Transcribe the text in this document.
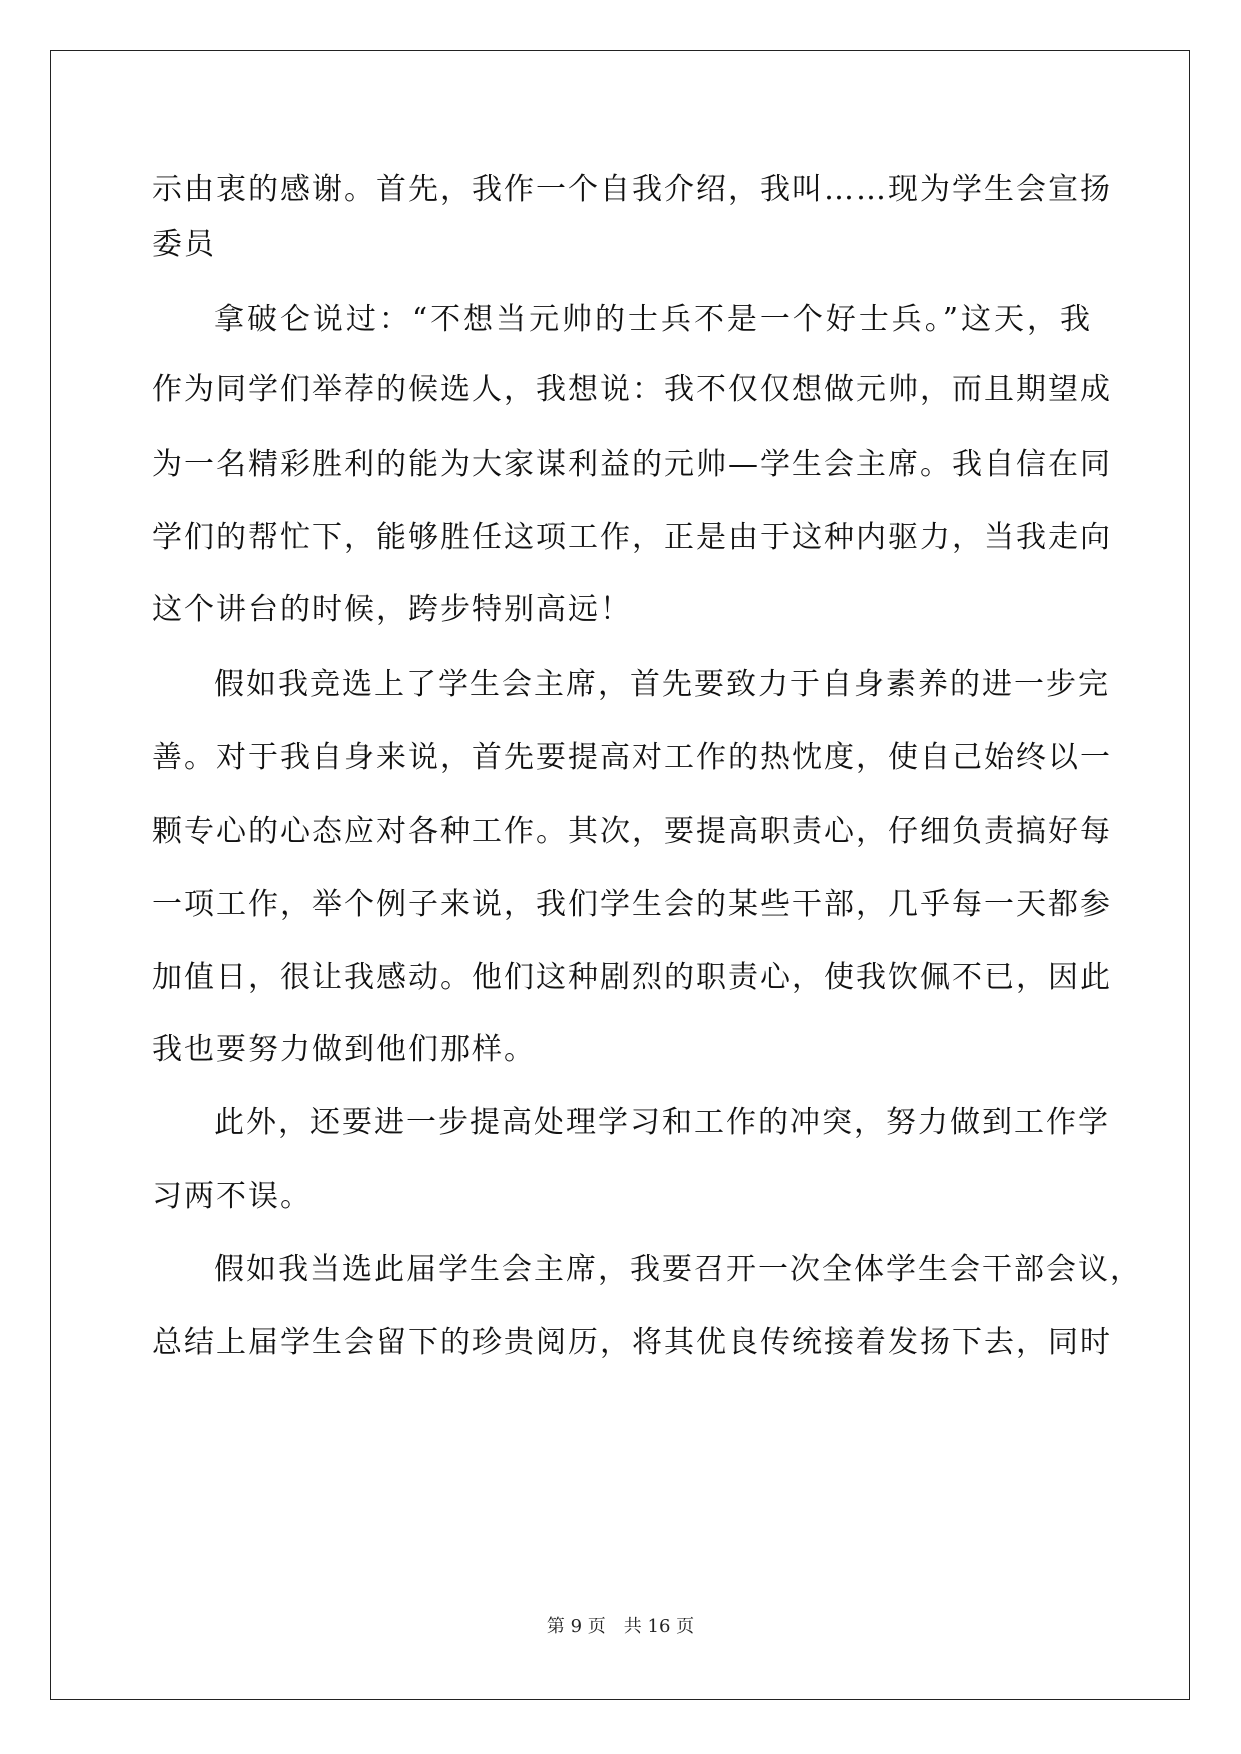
示由衷的感谢。首先，我作一个自我介绍，我叫……现为学生会宣扬
委员
拿破仑说过：“不想当元帅的士兵不是一个好士兵。”这天，我
作为同学们举荐的候选人，我想说：我不仅仅想做元帅，而且期望成
为一名精彩胜利的能为大家谋利益的元帅—学生会主席。我自信在同
学们的帮忙下，能够胜任这项工作，正是由于这种内驱力，当我走向
这个讲台的时候，跨步特别高远！
假如我竞选上了学生会主席，首先要致力于自身素养的进一步完
善。对于我自身来说，首先要提高对工作的热忱度，使自己始终以一
颗专心的心态应对各种工作。其次，要提高职责心，仔细负责搞好每
一项工作，举个例子来说，我们学生会的某些干部，几乎每一天都参
加值日，很让我感动。他们这种剧烈的职责心，使我饮佩不已，因此
我也要努力做到他们那样。
此外，还要进一步提高处理学习和工作的冲突，努力做到工作学
习两不误。
假如我当选此届学生会主席，我要召开一次全体学生会干部会议，
总结上届学生会留下的珍贵阅历，将其优良传统接着发扬下去，同时
第 9 页　共 16 页
